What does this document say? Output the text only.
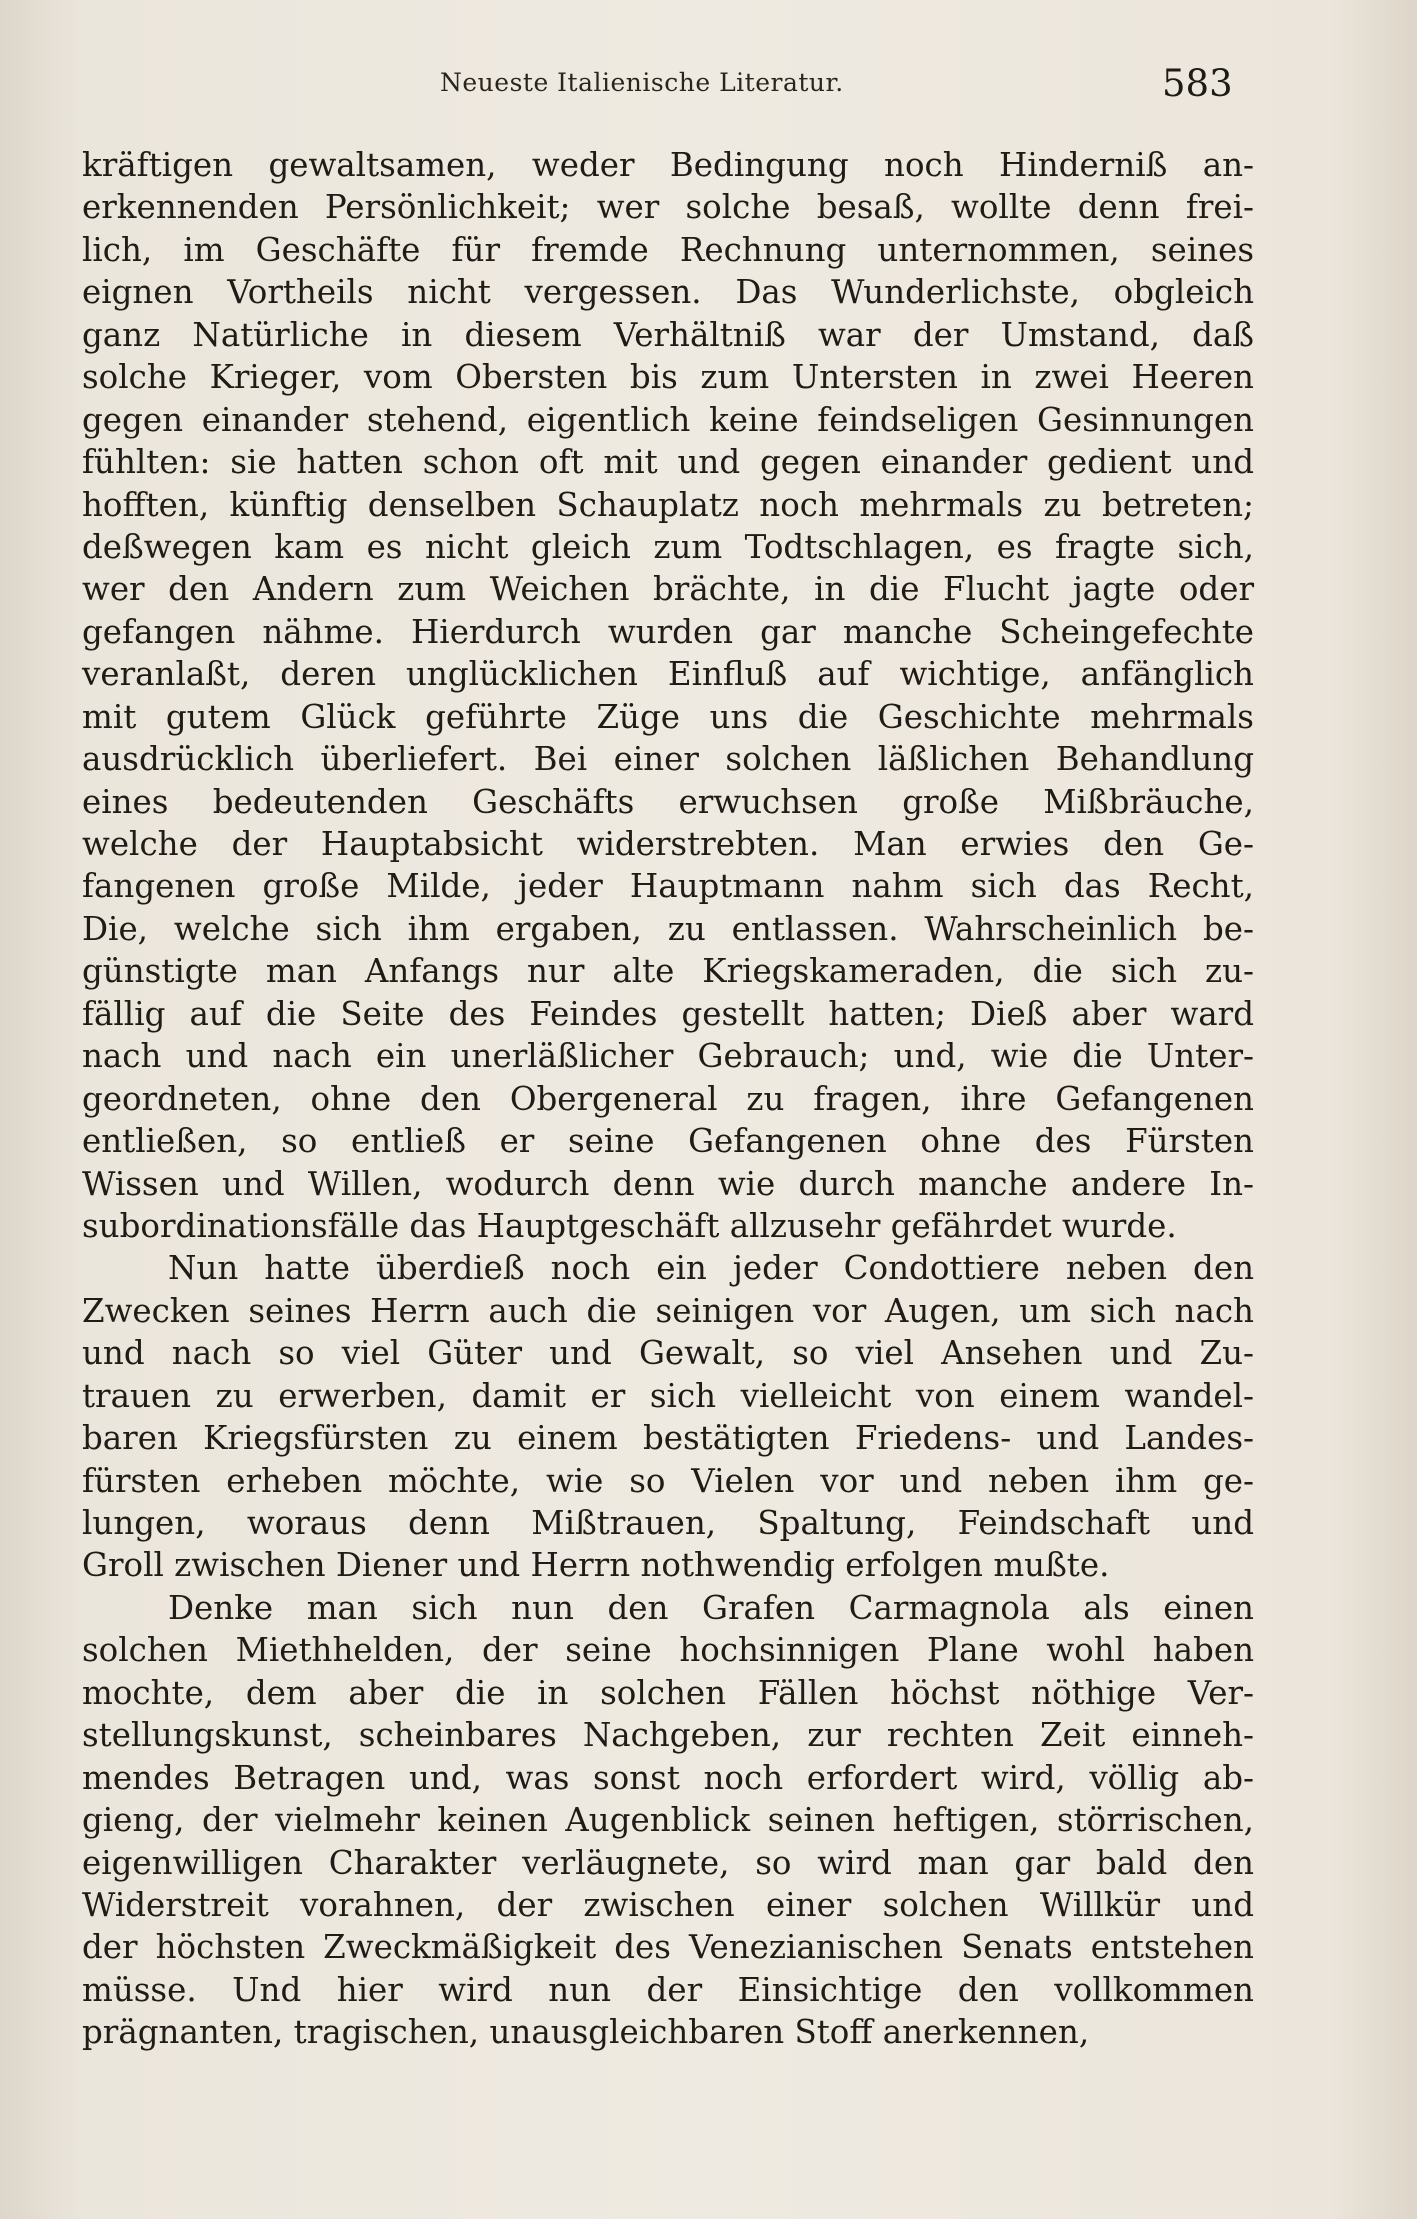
Neueste Italienische Literatur.	583
kräftigen gewaltsamen, weder Bedingung noch Hinderniß an-
erkennenden Persönlichkeit; wer solche besaß, wollte denn frei-
lich, im Geschäfte für fremde Rechnung unternommen, seines
eignen Vortheils nicht vergessen. Das Wunderlichste, obgleich
ganz Natürliche in diesem Verhältniß war der Umstand, daß
solche Krieger, vom Obersten bis zum Untersten in zwei Heeren
gegen einander stehend, eigentlich keine feindseligen Gesinnungen
fühlten: sie hatten schon oft mit und gegen einander gedient und
hofften, künftig denselben Schauplatz noch mehrmals zu betreten;
deßwegen kam es nicht gleich zum Todtschlagen, es fragte sich,
wer den Andern zum Weichen brächte, in die Flucht jagte oder
gefangen nähme. Hierdurch wurden gar manche Scheingefechte
veranlaßt, deren unglücklichen Einfluß auf wichtige, anfänglich
mit gutem Glück geführte Züge uns die Geschichte mehrmals
ausdrücklich überliefert. Bei einer solchen läßlichen Behandlung
eines bedeutenden Geschäfts erwuchsen große Mißbräuche,
welche der Hauptabsicht widerstrebten. Man erwies den Ge-
fangenen große Milde, jeder Hauptmann nahm sich das Recht,
Die, welche sich ihm ergaben, zu entlassen. Wahrscheinlich be-
günstigte man Anfangs nur alte Kriegskameraden, die sich zu-
fällig auf die Seite des Feindes gestellt hatten; Dieß aber ward
nach und nach ein unerläßlicher Gebrauch; und, wie die Unter-
geordneten, ohne den Obergeneral zu fragen, ihre Gefangenen
entließen, so entließ er seine Gefangenen ohne des Fürsten
Wissen und Willen, wodurch denn wie durch manche andere In-
subordinationsfälle das Hauptgeschäft allzusehr gefährdet wurde.
Nun hatte überdieß noch ein jeder Condottiere neben den
Zwecken seines Herrn auch die seinigen vor Augen, um sich nach
und nach so viel Güter und Gewalt, so viel Ansehen und Zu-
trauen zu erwerben, damit er sich vielleicht von einem wandel-
baren Kriegsfürsten zu einem bestätigten Friedens- und Landes-
fürsten erheben möchte, wie so Vielen vor und neben ihm ge-
lungen, woraus denn Mißtrauen, Spaltung, Feindschaft und
Groll zwischen Diener und Herrn nothwendig erfolgen mußte.
Denke man sich nun den Grafen Carmagnola als einen
solchen Miethhelden, der seine hochsinnigen Plane wohl haben
mochte, dem aber die in solchen Fällen höchst nöthige Ver-
stellungskunst, scheinbares Nachgeben, zur rechten Zeit einneh-
mendes Betragen und, was sonst noch erfordert wird, völlig ab-
gieng, der vielmehr keinen Augenblick seinen heftigen, störrischen,
eigenwilligen Charakter verläugnete, so wird man gar bald den
Widerstreit vorahnen, der zwischen einer solchen Willkür und
der höchsten Zweckmäßigkeit des Venezianischen Senats entstehen
müsse. Und hier wird nun der Einsichtige den vollkommen
prägnanten, tragischen, unausgleichbaren Stoff anerkennen,
